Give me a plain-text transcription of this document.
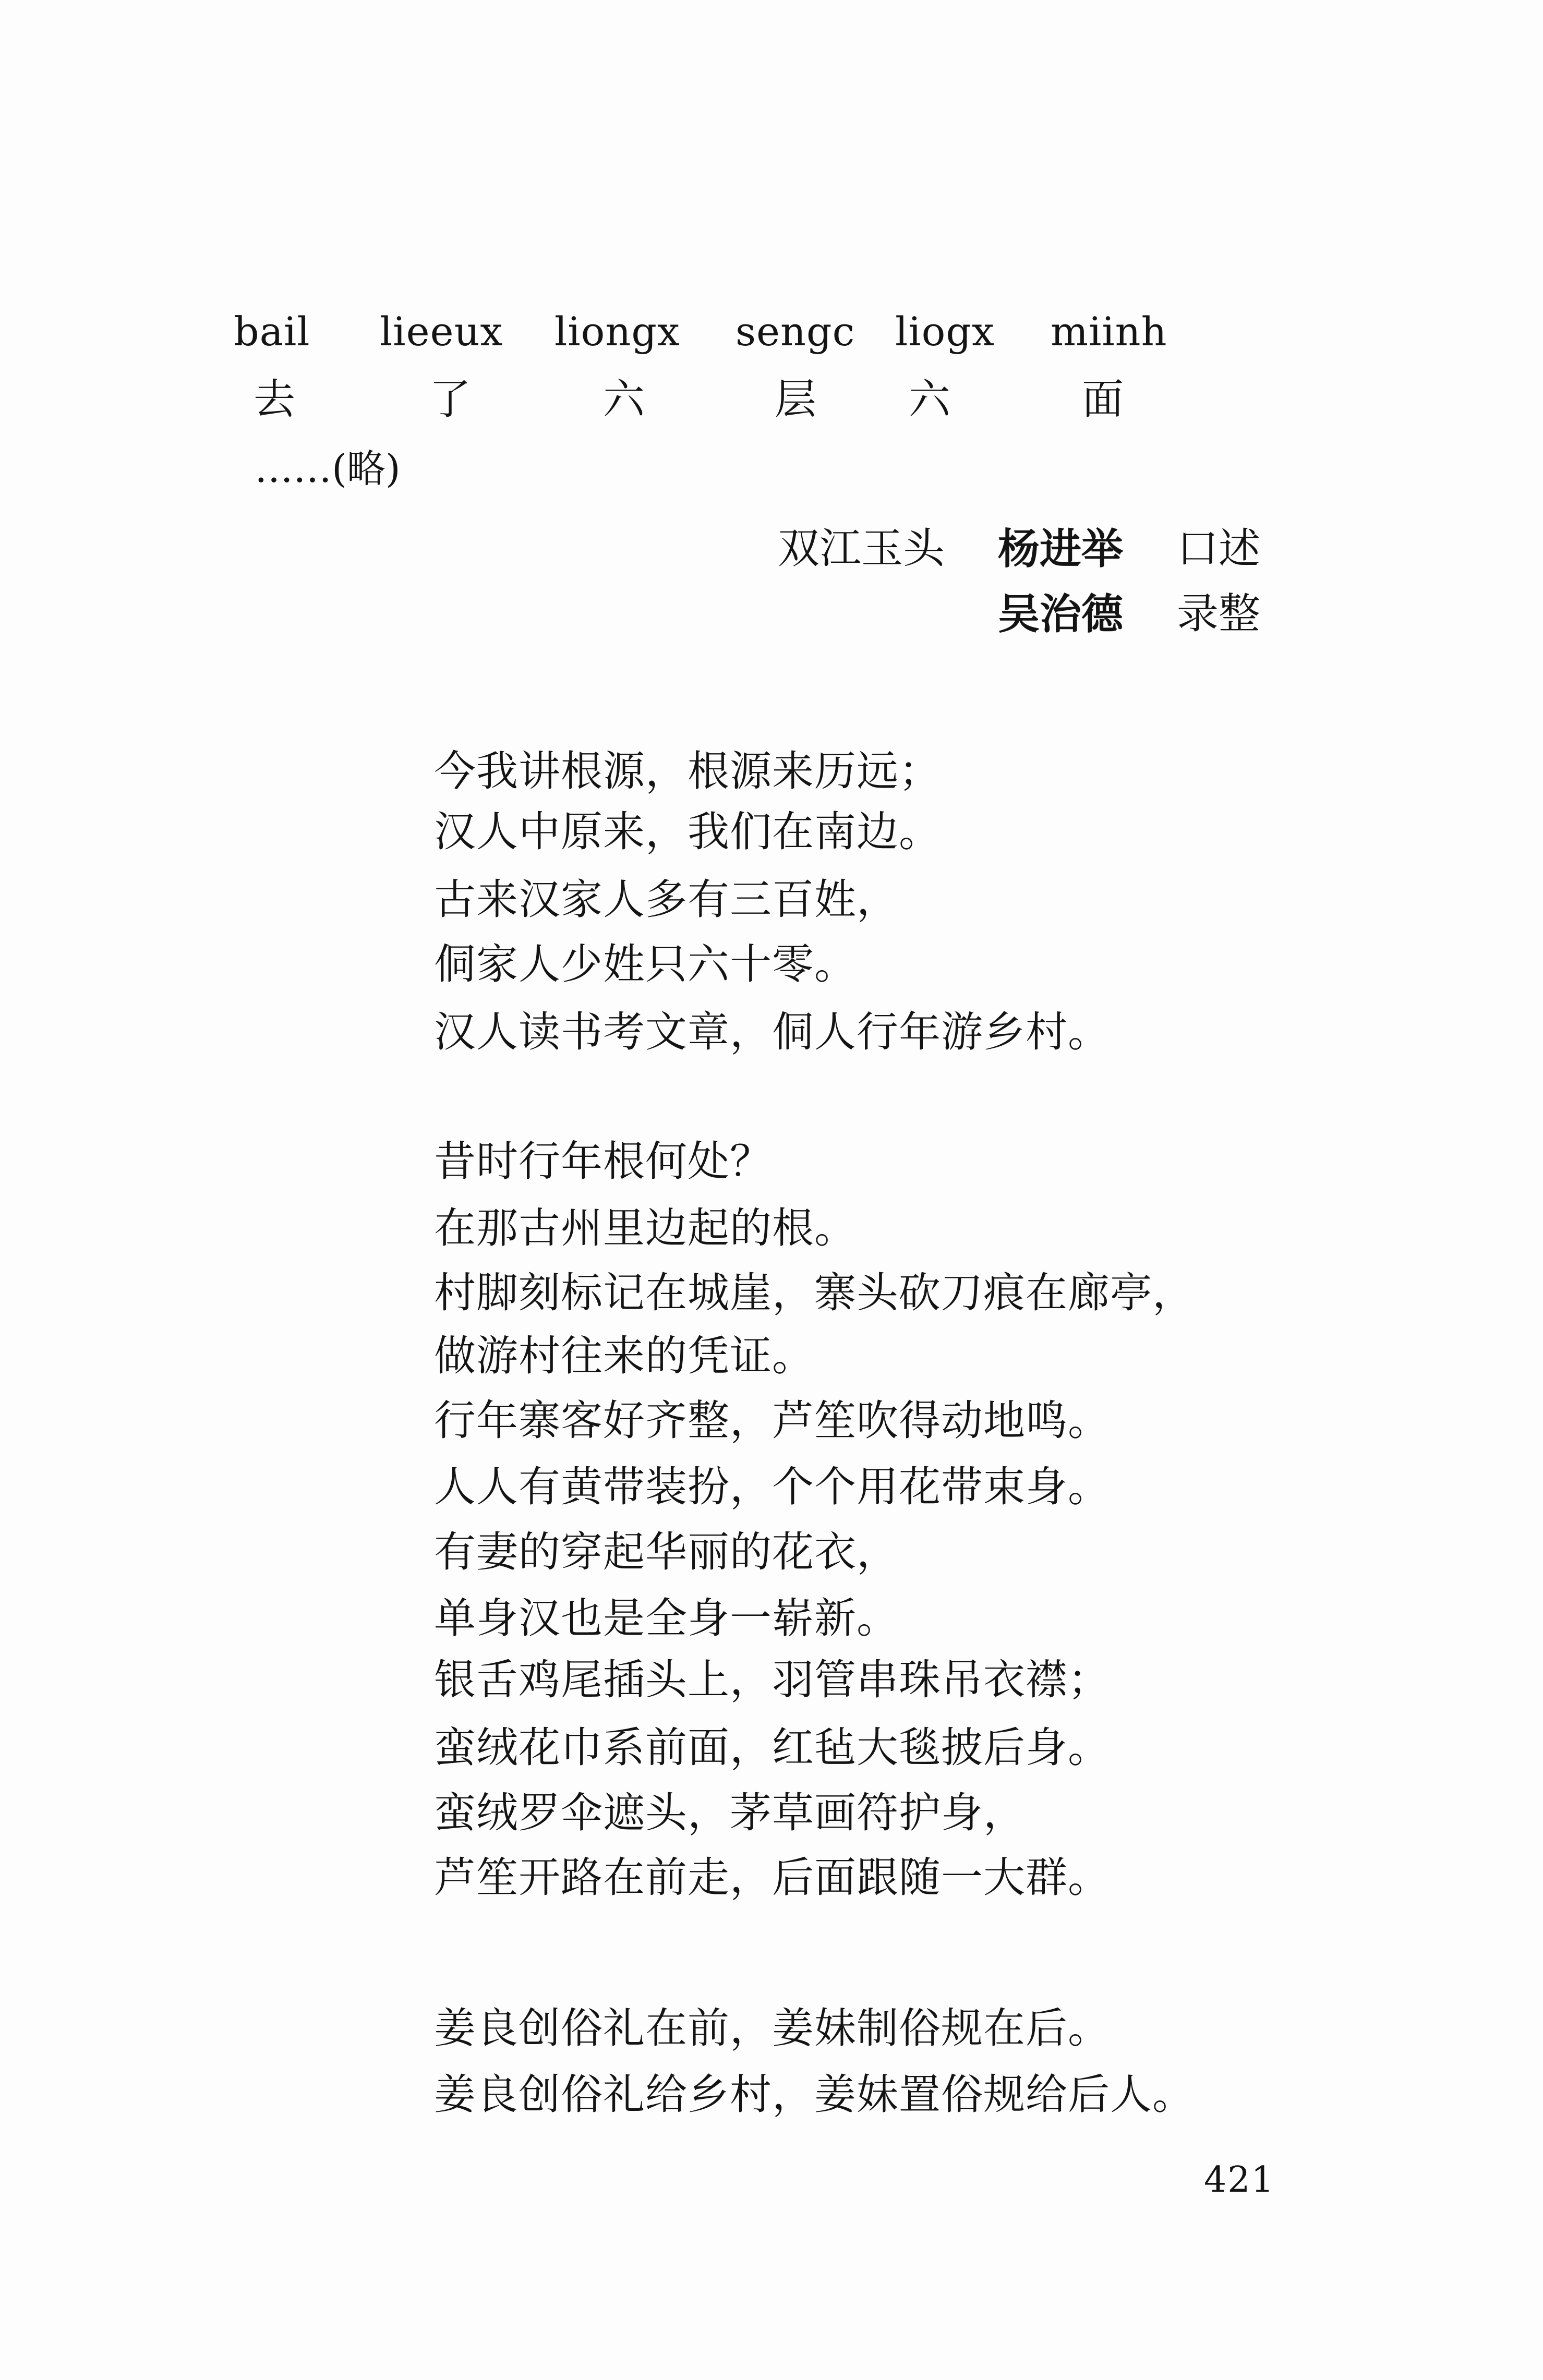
bail lieeux liongx sengc liogx miinh
去	了	六	层 六	面
……(略)
双江玉头 杨进举 口述
吴治德 录整
今我讲根源，根源来历远；
汉人中原来，我们在南边。
古来汉家人多有三百姓，
侗家人少姓只六十零。
汉人读书考文章，侗人行年游乡村。
昔时行年根何处？
在那古州里边起的根。
村脚刻标记在城崖，寨头砍刀痕在廊亭，
做游村往来的凭证。
行年寨客好齐整，芦笙吹得动地鸣。
人人有黄带装扮，个个用花带束身。
有妻的穿起华丽的花衣，
单身汉也是全身一崭新。
银舌鸡尾插头上，羽管串珠吊衣襟；
蛮绒花巾系前面，红毡大毯披后身。
蛮绒罗伞遮头，茅草画符护身，
芦笙开路在前走，后面跟随一大群。
姜良创俗礼在前，姜妹制俗规在后。
姜良创俗礼给乡村，姜妹置俗规给后人。
421
